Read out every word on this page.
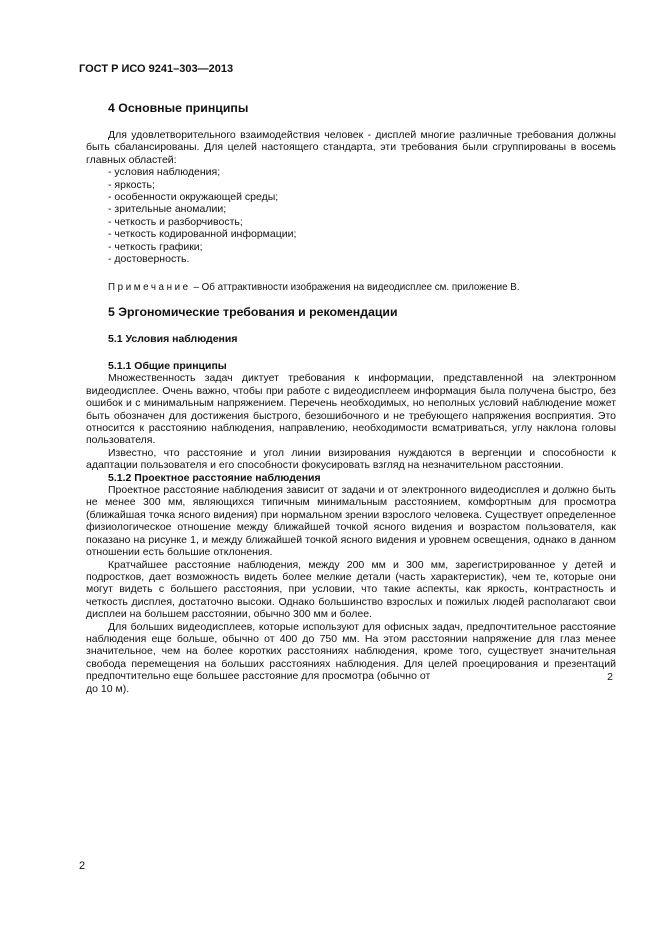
ГОСТ Р ИСО 9241–303—2013
4 Основные принципы

Для удовлетворительного взаимодействия человек - дисплей многие различные требования должны быть сбалансированы. Для целей настоящего стандарта, эти требования были сгруппированы в восемь главных областей:

- условия наблюдения;
- яркость;
- особенности окружающей среды;
- зрительные аномалии;
- четкость и разборчивость;
- четкость кодированной информации;
- четкость графики;
- достоверность.
Примечание – Об аттрактивности изображения на видеодисплее см. приложение В.
5 Эргономические требования и рекомендации
5.1 Условия наблюдения

5.1.1 Общие принципы

Множественность задач диктует требования к информации, представленной на электронном видеодисплее. Очень важно, чтобы при работе с видеодисплеем информация была получена быстро, без ошибок и с минимальным напряжением. Перечень необходимых, но неполных условий наблюдение может быть обозначен для достижения быстрого, безошибочного и не требующего напряжения восприятия. Это относится к расстоянию наблюдения, направлению, необходимости всматриваться, углу наклона головы пользователя.

Известно, что расстояние и угол линии визирования нуждаются в вергенции и способности к адаптации пользователя и его способности фокусировать взгляд на незначительном расстоянии.

5.1.2 Проектное расстояние наблюдения

Проектное расстояние наблюдения зависит от задачи и от электронного видеодисплея и должно быть не менее 300 мм, являющихся типичным минимальным расстоянием, комфортным для просмотра (ближайшая точка ясного видения) при нормальном зрении взрослого человека. Существует определенное физиологическое отношение между ближайшей точкой ясного видения и возрастом пользователя, как показано на рисунке 1, и между ближайшей точкой ясного видения и уровнем освещения, однако в данном отношении есть большие отклонения.

Кратчайшее расстояние наблюдения, между 200 мм и 300 мм, зарегистрированное у детей и подростков, дает возможность видеть более мелкие детали (часть характеристик), чем те, которые они могут видеть с большего расстояния, при условии, что такие аспекты, как яркость, контрастность и четкость дисплея, достаточно высоки. Однако большинство взрослых и пожилых людей располагают свои дисплеи на большем расстоянии, обычно 300 мм и более.

Для больших видеодисплеев, которые используют для офисных задач, предпочтительное расстояние наблюдения еще больше, обычно от 400 до 750 мм. На этом расстоянии напряжение для глаз менее значительное, чем на более коротких расстояниях наблюдения, кроме того, существует значительная свобода перемещения на больших расстояниях наблюдения. Для целей проецирования и презентаций предпочтительно еще большее расстояние для просмотра (обычно от	2

до 10 м).

2
